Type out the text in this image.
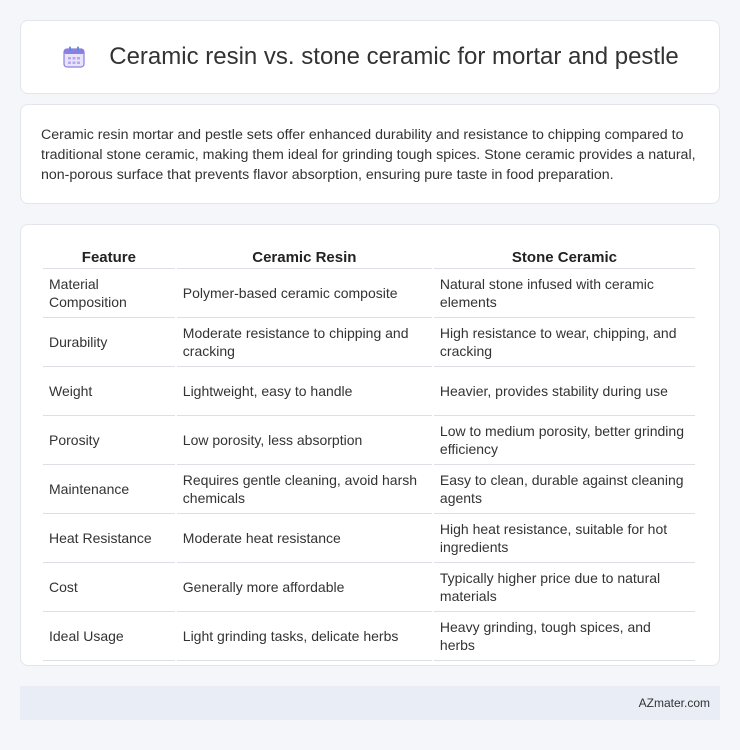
Ceramic resin vs. stone ceramic for mortar and pestle

Ceramic resin mortar and pestle sets offer enhanced durability and resistance to chipping compared to traditional stone ceramic, making them ideal for grinding tough spices. Stone ceramic provides a natural, non-porous surface that prevents flavor absorption, ensuring pure taste in food preparation.

Feature	Ceramic Resin	Stone Ceramic
Material Composition	Polymer-based ceramic composite	Natural stone infused with ceramic elements
Durability	Moderate resistance to chipping and cracking	High resistance to wear, chipping, and cracking
Weight	Lightweight, easy to handle	Heavier, provides stability during use
Porosity	Low porosity, less absorption	Low to medium porosity, better grinding efficiency
Maintenance	Requires gentle cleaning, avoid harsh chemicals	Easy to clean, durable against cleaning agents
Heat Resistance	Moderate heat resistance	High heat resistance, suitable for hot ingredients
Cost	Generally more affordable	Typically higher price due to natural materials
Ideal Usage	Light grinding tasks, delicate herbs	Heavy grinding, tough spices, and herbs
AZmater.com
